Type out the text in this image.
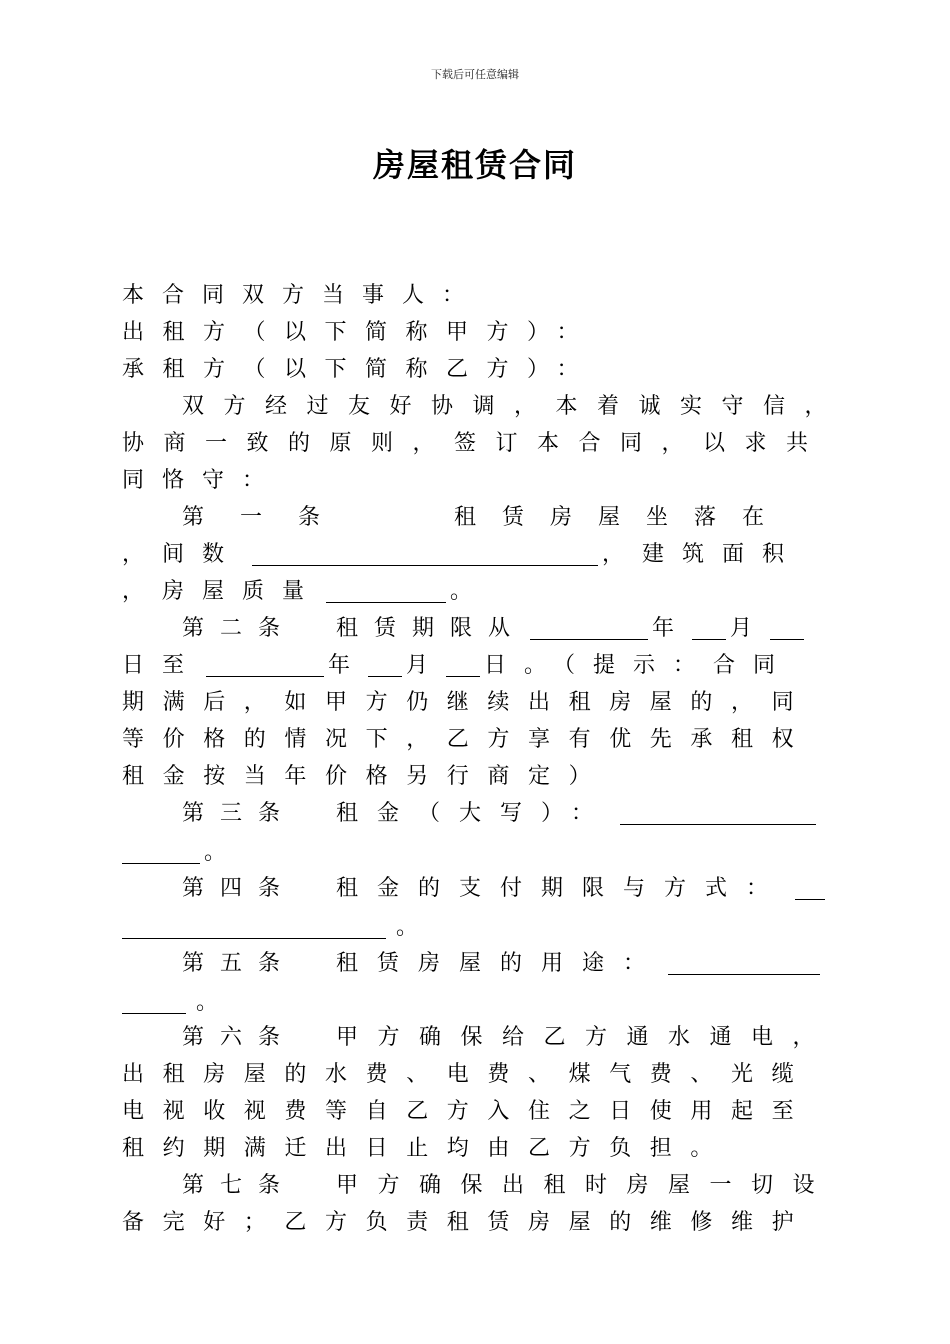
下载后可任意编辑
房屋租赁合同
本合同双方当事人：
出租方（以下简称甲方）：
承租方（以下简称乙方）：
双方经过友好协调，本着诚实守信，
协商一致的原则，签订本合同，以求共
同恪守：
第一条	租赁房屋坐落在
，间数	，建筑面积
，房屋质量	。
第二条 租赁期限从	年	月
日至	年	月	日。（提示：合同
期满后，如甲方仍继续出租房屋的，同
等价格的情况下，乙方享有优先承租权
租金按当年价格另行商定）
第三条 租金（大写）：
。
第四条 租金的支付期限与方式：
。
第五条 租赁房屋的用途：
。
第六条 甲方确保给乙方通水通电，
出租房屋的水费、电费、煤气费、光缆
电视收视费等自乙方入住之日使用起至
租约期满迁出日止均由乙方负担。
第七条 甲方确保出租时房屋一切设
备完好；乙方负责租赁房屋的维修维护
